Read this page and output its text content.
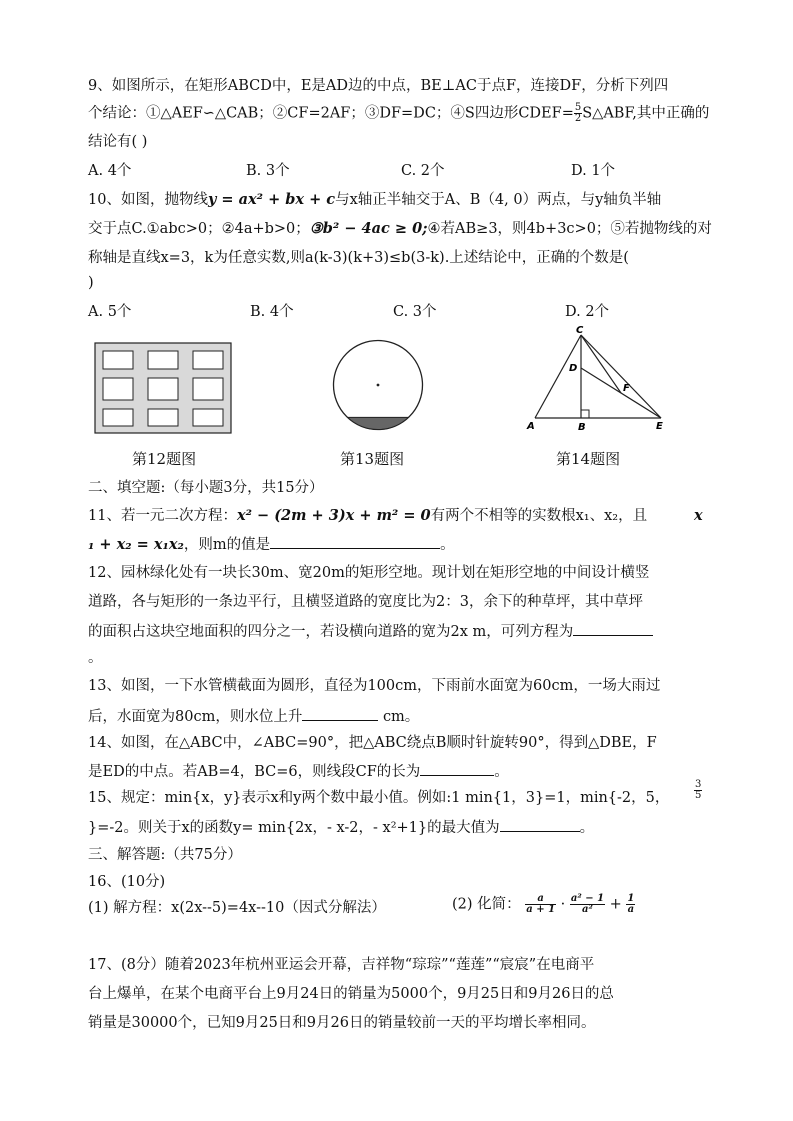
9、如图所示，在矩形ABCD中，E是AD边的中点，BE⊥AC于点F，连接DF，分析下列四
个结论：①△AEF∽△CAB；②CF=2AF；③DF=DC；④S四边形CDEF= $\frac{5}{2}$ S△ABF,其中正确的
结论有( )
A. 4个	B. 3个	C. 2个	D. 1个
10、如图，抛物线y = ax² + bx + c与x轴正半轴交于A、B（4, 0）两点，与y轴负半轴
交于点C.①abc>0；②4a+b>0；③b² − 4ac ≥ 0;④若AB≥3，则4b+3c>0；⑤若抛物线的对
称轴是直线x=3，k为任意实数,则a(k-3)(k+3)≤b(3-k).上述结论中，正确的个数是(
)
A. 5个	B. 4个	C. 3个	D. 2个
第12题图	第13题图
C
D
F
A	B	E
第14题图
二、填空题:（每小题3分，共15分）
11、若一元二次方程：x² − (2m + 3)x + m² = 0有两个不相等的实数根x₁、x₂，且	x
₁ + x₂ = x₁x₂，则m的值是	。
12、园林绿化处有一块长30m、宽20m的矩形空地。现计划在矩形空地的中间设计横竖
道路，各与矩形的一条边平行，且横竖道路的宽度比为2：3，余下的种草坪，其中草坪
的面积占这块空地面积的四分之一，若设横向道路的宽为2x m，可列方程为
。
13、如图，一下水管横截面为圆形，直径为100cm，下雨前水面宽为60cm，一场大雨过
后，水面宽为80cm，则水位上升	cm。
14、如图，在△ABC中，∠ABC=90°，把△ABC绕点B顺时针旋转90°，得到△DBE，F
是ED的中点。若AB=4，BC=6，则线段CF的长为	。
15、规定：min{x，y}表示x和y两个数中最小值。例如:1 min{1，3}=1，min{-2，5， $\frac{3}{5}$
}=-2。则关于x的函数y= min{2x，- x-2，- x²+1}的最大值为	。
三、解答题:（共75分）
16、(10分)
(1) 解方程：x(2x--5)=4x--10（因式分解法）	(2) 化简： $\frac{a}{a + 1} \cdot \frac{\text{a² − 1}}{\text{a²}} + \frac{1}{a}$
17、(8分）随着2023年杭州亚运会开幕，吉祥物“琮琮”“莲莲”“宸宸”在电商平
台上爆单，在某个电商平台上9月24日的销量为5000个，9月25日和9月26日的总
销量是30000个，已知9月25日和9月26日的销量较前一天的平均增长率相同。
